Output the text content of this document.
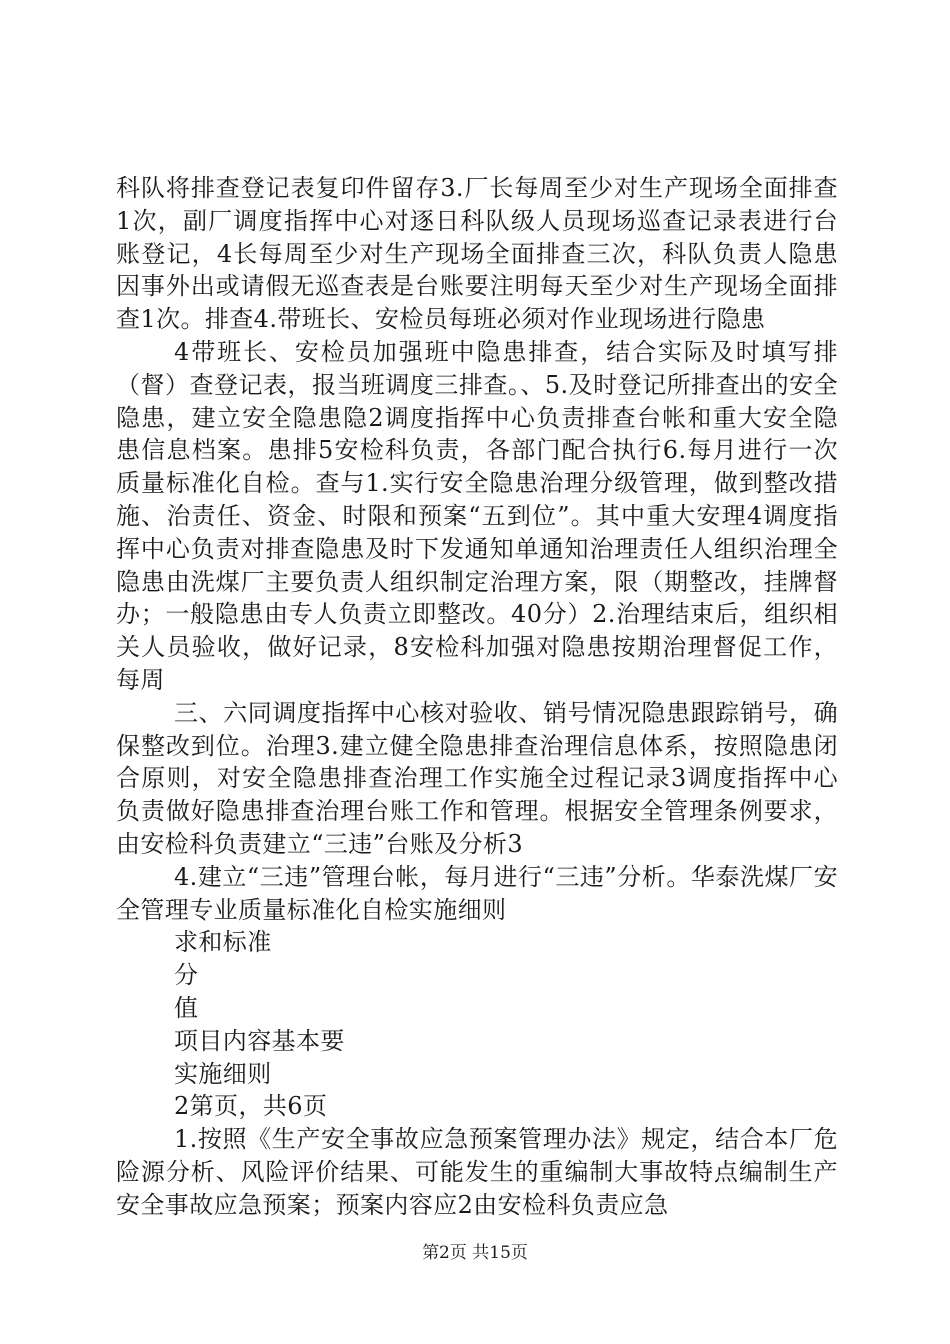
科队将排查登记表复印件留存3.厂长每周至少对生产现场全面排查1次，副厂调度指挥中心对逐日科队级人员现场巡查记录表进行台账登记，4长每周至少对生产现场全面排查三次，科队负责人隐患因事外出或请假无巡查表是台账要注明每天至少对生产现场全面排查1次。排查4.带班长、安检员每班必须对作业现场进行隐患

4带班长、安检员加强班中隐患排查，结合实际及时填写排（督）查登记表，报当班调度三排查。、5.及时登记所排查出的安全隐患，建立安全隐患隐2调度指挥中心负责排查台帐和重大安全隐患信息档案。患排5安检科负责，各部门配合执行6.每月进行一次质量标准化自检。查与1.实行安全隐患治理分级管理，做到整改措施、治责任、资金、时限和预案“五到位”。其中重大安理4调度指挥中心负责对排查隐患及时下发通知单通知治理责任人组织治理全隐患由洗煤厂主要负责人组织制定治理方案，限（期整改，挂牌督办；一般隐患由专人负责立即整改。40分）2.治理结束后，组织相关人员验收，做好记录，8安检科加强对隐患按期治理督促工作，每周

三、六同调度指挥中心核对验收、销号情况隐患跟踪销号，确保整改到位。治理3.建立健全隐患排查治理信息体系，按照隐患闭合原则，对安全隐患排查治理工作实施全过程记录3调度指挥中心负责做好隐患排查治理台账工作和管理。根据安全管理条例要求，由安检科负责建立“三违”台账及分析3

4.建立“三违”管理台帐，每月进行“三违”分析。华泰洗煤厂安全管理专业质量标准化自检实施细则

求和标准

分

值

项目内容基本要

实施细则

2第页，共6页

1.按照《生产安全事故应急预案管理办法》规定，结合本厂危险源分析、风险评价结果、可能发生的重编制大事故特点编制生产安全事故应急预案；预案内容应2由安检科负责应急

第2页 共15页
